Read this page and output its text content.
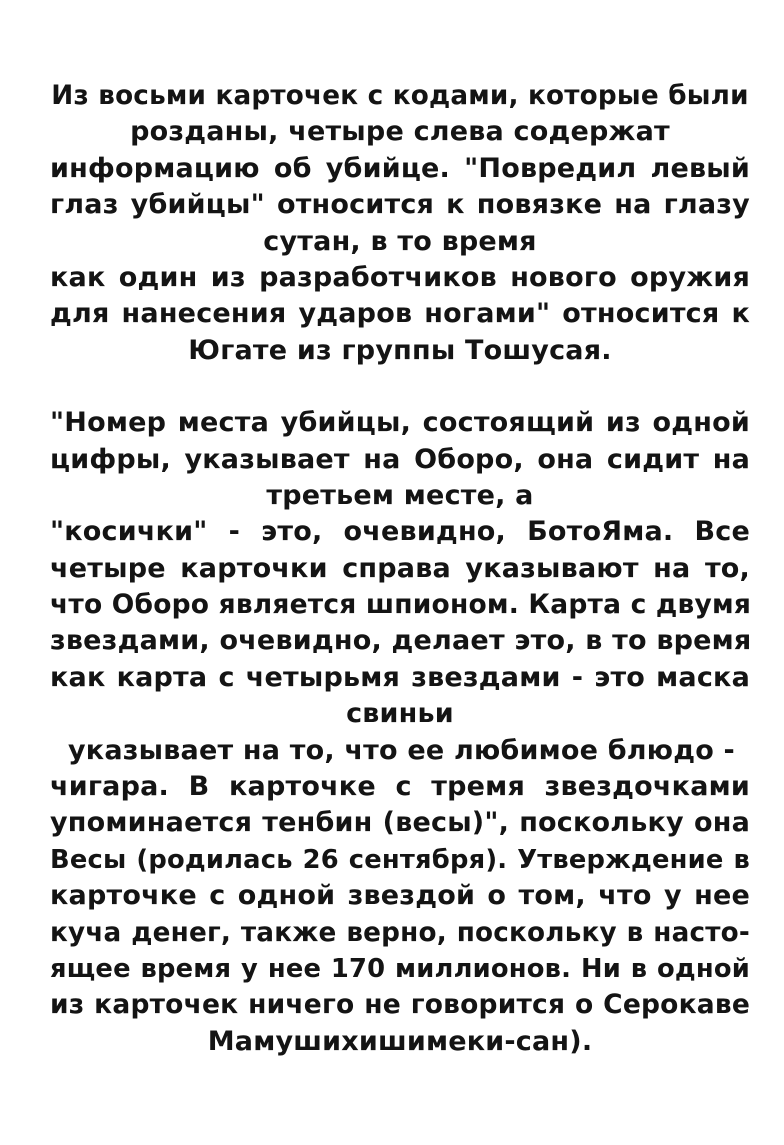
Из восьми карточек с кодами, которые были
розданы, четыре слева содержат
информацию об убийце. "Повредил левый
глаз убийцы" относится к повязке на глазу
сутан, в то время
как один из разработчиков нового оружия
для нанесения ударов ногами" относится к
Югате из группы Тошусая.
"Номер места убийцы, состоящий из одной
цифры, указывает на Оборо, она сидит на
третьем месте, а
"косички" - это, очевидно, БотоЯма. Все
четыре карточки справа указывают на то,
что Оборо является шпионом. Карта с двумя
звездами, очевидно, делает это, в то время
как карта с четырьмя звездами - это маска
свиньи
указывает на то, что ее любимое блюдо -
чигара. В карточке с тремя звездочками
упоминается тенбин (весы)", поскольку она
Весы (родилась 26 сентября). Утверждение в
карточке с одной звездой о том, что у нее
куча денег, также верно, поскольку в насто-
ящее время у нее 170 миллионов. Ни в одной
из карточек ничего не говорится о Серокаве
Мамушихишимеки-сан).
